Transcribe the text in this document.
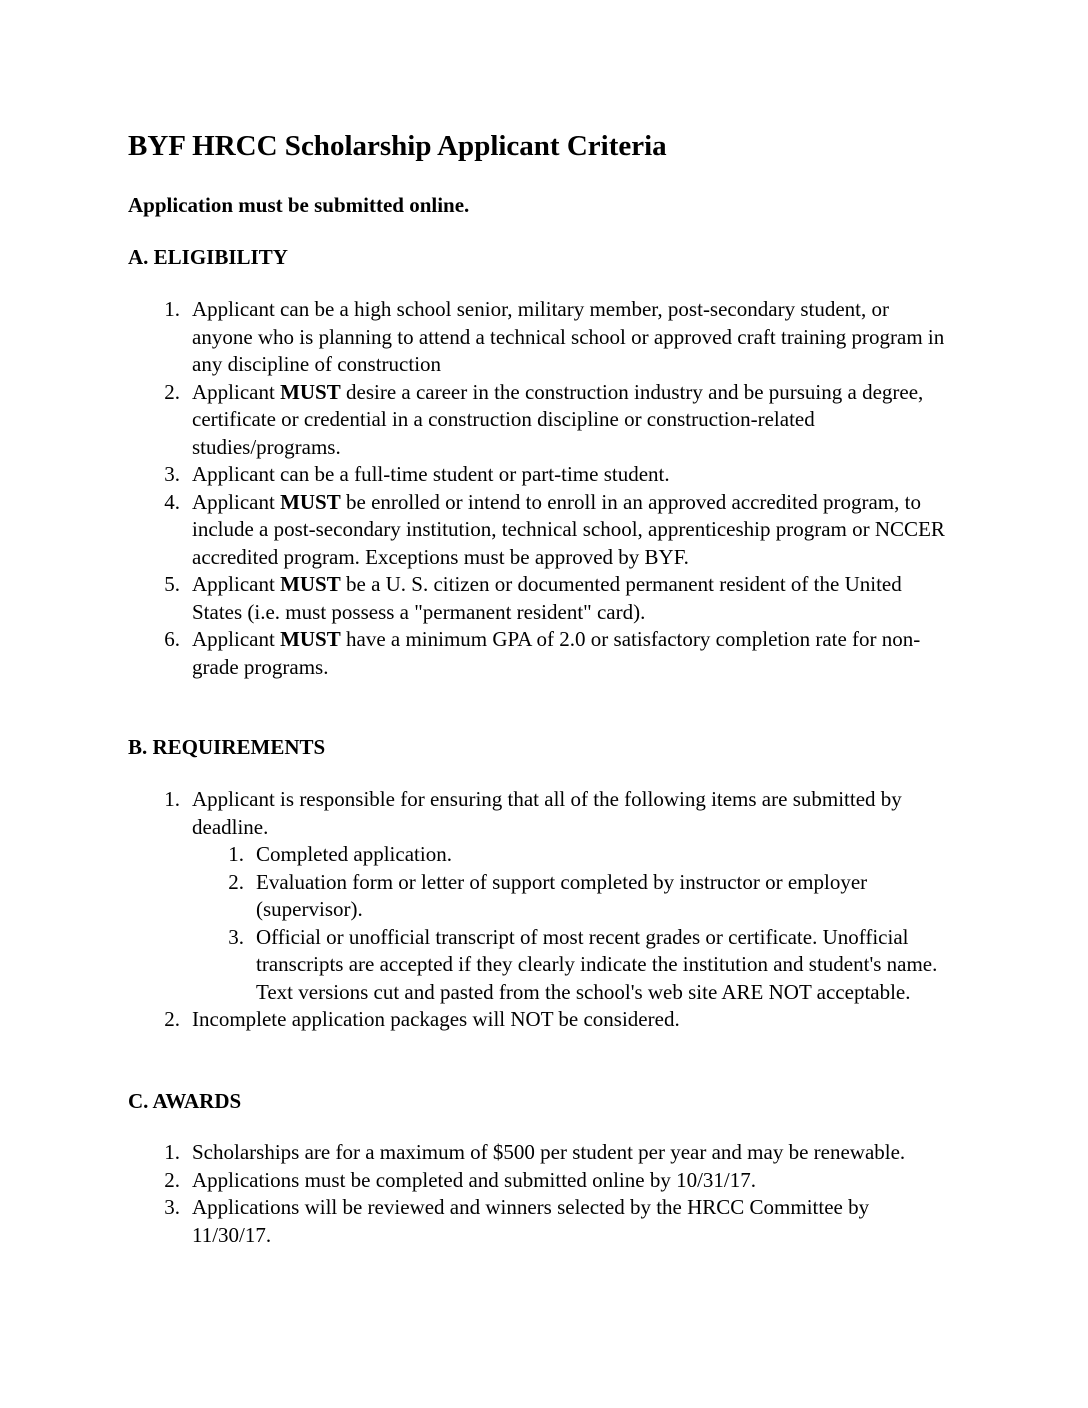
BYF HRCC Scholarship Applicant Criteria

Application must be submitted online.

A. ELIGIBILITY
1. Applicant can be a high school senior, military member, post-secondary student, or anyone who is planning to attend a technical school or approved craft training program in any discipline of construction
2. Applicant MUST desire a career in the construction industry and be pursuing a degree, certificate or credential in a construction discipline or construction-related studies/programs.
3. Applicant can be a full-time student or part-time student.
4. Applicant MUST be enrolled or intend to enroll in an approved accredited program, to include a post-secondary institution, technical school, apprenticeship program or NCCER accredited program. Exceptions must be approved by BYF.
5. Applicant MUST be a U. S. citizen or documented permanent resident of the United States (i.e. must possess a "permanent resident" card).
6. Applicant MUST have a minimum GPA of 2.0 or satisfactory completion rate for non-grade programs.
B. REQUIREMENTS
1. Applicant is responsible for ensuring that all of the following items are submitted by deadline.
1. Completed application.
2. Evaluation form or letter of support completed by instructor or employer (supervisor).
3. Official or unofficial transcript of most recent grades or certificate. Unofficial transcripts are accepted if they clearly indicate the institution and student's name. Text versions cut and pasted from the school's web site ARE NOT acceptable.
2. Incomplete application packages will NOT be considered.
C. AWARDS
1. Scholarships are for a maximum of $500 per student per year and may be renewable.
2. Applications must be completed and submitted online by 10/31/17.
3. Applications will be reviewed and winners selected by the HRCC Committee by 11/30/17.
